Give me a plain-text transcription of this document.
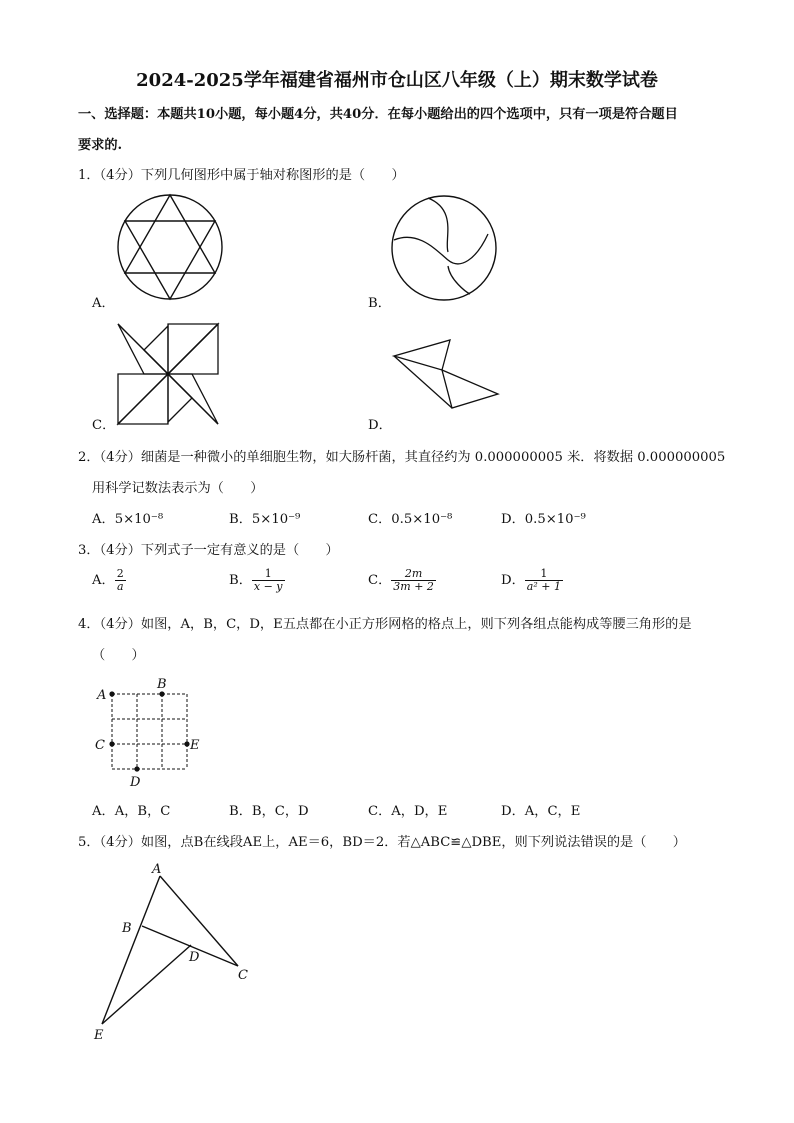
2024-2025学年福建省福州市仓山区八年级（上）期末数学试卷
一、选择题：本题共10小题，每小题4分，共40分．在每小题给出的四个选项中，只有一项是符合题目
要求的.
1．（4分）下列几何图形中属于轴对称图形的是（　　）
A．	B．
C．	D．
2．（4分）细菌是一种微小的单细胞生物，如大肠杆菌，其直径约为 0.000000005 米．将数据 0.000000005
用科学记数法表示为（　　）
A．5×10⁻⁸	B．5×10⁻⁹	C．0.5×10⁻⁸	D．0.5×10⁻⁹
3．（4分）下列式子一定有意义的是（　　）
A． $\frac{2}{a}$	B． $\frac{1}{x - y}$	C． $\frac{2m}{3m + 2}$	D． $\frac{1}{\text{a² + 1}}$
4．（4分）如图，A，B，C，D，E五点都在小正方形网格的格点上，则下列各组点能构成等腰三角形的是
（　　）
A
B
C
D
E
A．A，B，C	B．B，C，D	C．A，D，E	D．A，C，E
5．（4分）如图，点B在线段AE上，AE＝6，BD＝2．若△ABC≌△DBE，则下列说法错误的是（　　）
A
B
C
D
E
